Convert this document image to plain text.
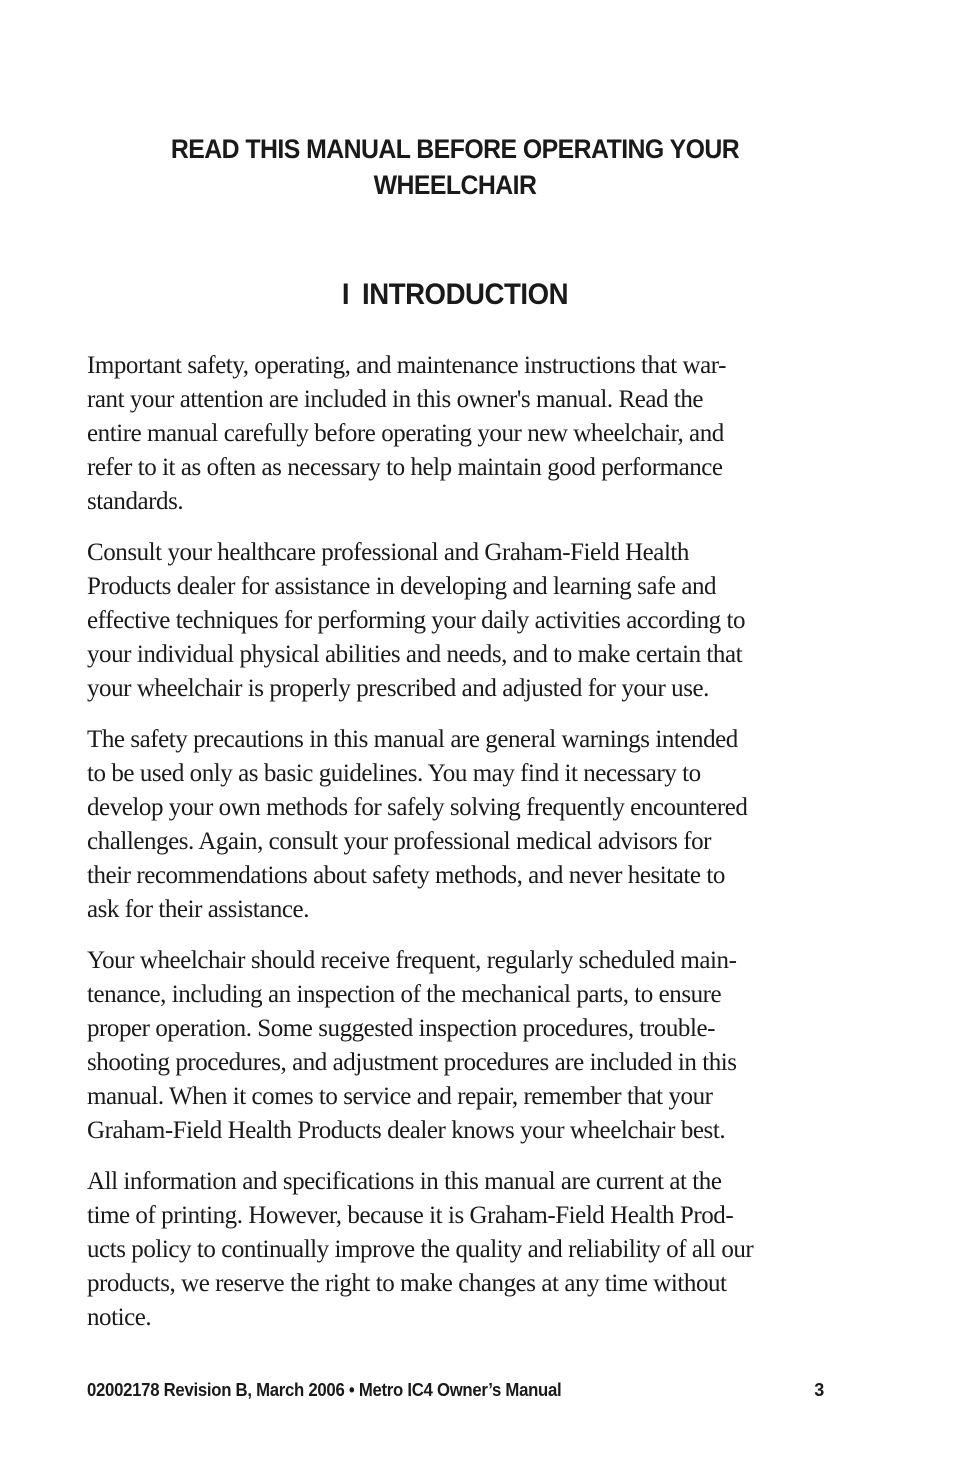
READ THIS MANUAL BEFORE OPERATING YOUR
WHEELCHAIR
I INTRODUCTION

Important safety, operating, and maintenance instructions that war-
rant your attention are included in this owner's manual. Read the
entire manual carefully before operating your new wheelchair, and
refer to it as often as necessary to help maintain good performance
standards.

Consult your healthcare professional and Graham-Field Health
Products dealer for assistance in developing and learning safe and
effective techniques for performing your daily activities according to
your individual physical abilities and needs, and to make certain that
your wheelchair is properly prescribed and adjusted for your use.

The safety precautions in this manual are general warnings intended
to be used only as basic guidelines. You may find it necessary to
develop your own methods for safely solving frequently encountered
challenges. Again, consult your professional medical advisors for
their recommendations about safety methods, and never hesitate to
ask for their assistance.

Your wheelchair should receive frequent, regularly scheduled main-
tenance, including an inspection of the mechanical parts, to ensure
proper operation. Some suggested inspection procedures, trouble-
shooting procedures, and adjustment procedures are included in this
manual. When it comes to service and repair, remember that your
Graham-Field Health Products dealer knows your wheelchair best.

All information and specifications in this manual are current at the
time of printing. However, because it is Graham-Field Health Prod-
ucts policy to continually improve the quality and reliability of all our
products, we reserve the right to make changes at any time without
notice.

02002178 Revision B, March 2006 • Metro IC4 Owner’s Manual	3
